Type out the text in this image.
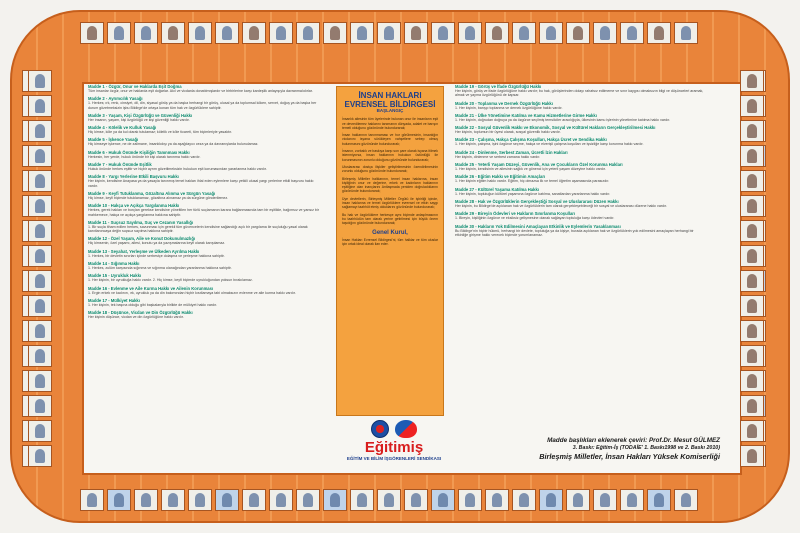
Madde 1 - Özgür, Onur ve Haklarda Eşit Doğma
Tüm insanlar özgür, onur ve haklarda eşit doğarlar. Akıl ve vicdanla donatılmışlardır ve birbirlerine karşı kardeşlik anlayışıyla davranmalıdırlar.
Madde 2 - Ayrımcılık Yasağı
1. Herkes; ırk, renk, cinsiyet, dil, din, siyasal görüş ya da başka herhangi bir görüş, ulusal ya da toplumsal köken, servet, doğuş ya da başka her durum gözetmeksizin işbu Bildirge'de ortaya konan tüm hak ve özgürlüklere sahiptir.
Madde 3 - Yaşam, Kişi Özgürlüğü ve Güvenliği Hakkı
Her insanın, yaşam, kişi özgürlüğü ve kişi güvenliği hakkı vardır.
Madde 4 - Kölelik ve Kulluk Yasağı
Hiç kimse, köle ya da kul olarak tutulamaz; kölelik ve köle ticareti, tüm biçimleriyle yasaktır.
Madde 5 - İşkence Yasağı
Hiç kimseye işkence, ne de zalimane, insanlıkdışı ya da aşağılayıcı ceza ya da davranışlarda bulunulamaz.
Madde 6 - Hukuk Önünde Kişiliğin Tanınması Hakkı
Herkesin, her yerde, hukuk önünde bir kişi olarak tanınma hakkı vardır.
Madde 7 - Hukuk Önünde Eşitlik
Hukuk önünde herkes eşittir ve hiçbir ayrım gözetilmeksizin hukukun eşit korumasından yararlanma hakkı vardır.
Madde 8 - Yargı Yerlerine Etkili Başvuru Hakkı
Her kişinin, kendisine Anayasa ya da yasayla tanınmış temel hakları ihlal eden eylemlere karşı yetkili ulusal yargı yerlerine etkili başvuru hakkı vardır.
Madde 9 - Keyfi Tutuklanma, Gözaltına Alınma ve Sürgün Yasağı
Hiç kimse, keyfi biçimde tutuklanamaz, gözaltına alınamaz ya da sürgüne gönderilemez.
Madde 10 - Hakça ve Açıkça Yargılanma Hakkı
Herkes, gerek hakları ve borçları gerekse kendisine yöneltilen her türlü suçlamanın karara bağlanmasında tam bir eşitlikle, bağımsız ve yansız bir mahkemece, hakça ve açıkça yargılanma hakkına sahiptir.
Madde 11 - Suçsuz Sayılma, Suç ve Cezanın Yasallığı
1. Bir suçla itham edilen herkes, savunması için gerekli tüm güvencelerin kendisine sağlandığı açık bir yargılama ile suçluluğu yasal olarak kanıtlanıncaya değin suçsuz sayılma hakkına sahiptir.
Madde 12 - Özel Yaşam, Aile ve Konut Dokunulmazlığı
Hiç kimsenin, özel yaşamı, ailesi, konutu ya da yazışmalarına keyfi olarak karışılamaz.
Madde 13 - Seyahat, Yerleşme ve Ülkeden Ayrılma Hakkı
1. Herkes, bir devletin sınırları içinde serbestçe dolaşma ve yerleşme hakkına sahiptir.
Madde 14 - Sığınma Hakkı
1. Herkes, zulüm karşısında sığınma ve sığınma olanağından yararlanma hakkına sahiptir.
Madde 15 - Uyrukluk Hakkı
1. Her kişinin, bir uyrukluğa hakkı vardır. 2. Hiç kimse, keyfi biçimde uyrukluğundan yoksun bırakılamaz.
Madde 16 - Evlenme ve Aile Kurma Hakkı ve Ailenin Korunması
1. Ergin erkek ve kadının, ırk, uyrukluk ya da din bakımından hiçbir kısıtlamaya tabi olmaksızın evlenme ve aile kurma hakkı vardır.
Madde 17 - Mülkiyet Hakkı
1. Her kişinin, tek başına olduğu gibi başkalarıyla birlikte de mülkiyet hakkı vardır.
Madde 18 - Düşünce, Vicdan ve Din Özgürlüğü Hakkı
Her kişinin düşünce, vicdan ve din özgürlüğüne hakkı vardır.
İNSAN HAKLARI EVRENSEL BİLDİRGESİ
BAŞLANGIÇ

İnsanlık ailesinin tüm üyelerinde bulunan onur ile insanların eşit ve devredilemez haklarını tanımanın dünyada, adalet ve barışın temeli olduğunu gözönünde bulundurarak;

İnsan haklarının tanınmaması ve hor görülmesinin, insanlığın vicdanını isyana sürükleyen vahşetlere sebep olmuş bulunmasını gözönünde bulundurarak;

İnsanın, zorbalık ve baskıya karşı son çare olarak isyana itilmek istenmiyorsa, insan haklarının hukukun üstünlüğü ile korunmasının zorunlu olduğunu gözönünde bulundurarak;

Uluslararası dostça ilişkiler geliştirilmesinin özendirilmesinin zorunlu olduğunu gözönünde bulundurarak;

Birleşmiş Milletler halklarının, temel insan haklarına, insan kişiliğinin onur ve değerine, erkek ve kadınların haklarının eşitliğine olan inançlarını Antlaşmada yeniden doğruladıklarını gözönünde bulundurarak;

Üye devletlerin, Birleşmiş Milletler Örgütü ile işbirliği içinde, insan haklarına ve temel özgürlüklere evrensel ve etkin saygı sağlamayı taahhüt etmiş olduklarını gözönünde bulundurarak;

Bu hak ve özgürlüklere herkesçe aynı biçimde anlaşılmasının bu taahhüdün tam olarak yerine getirilmesi için büyük önem taşıdığını gözönünde bulundurarak;

Genel Kurul,

İnsan Hakları Evrensel Bildirgesi'ni, tüm halklar ve tüm uluslar için ortak ideal olarak ilan eder.

Eğitimiş
EĞİTİM VE BİLİM İŞGÖRENLERİ SENDİKASI
Madde 19 - Görüş ve İfade Özgürlüğü Hakkı
Her kişinin, görüş ve ifade özgürlüğüne hakkı vardır; bu hak, görüşlerinden dolayı rahatsız edilmeme ve sınır kaygısı olmaksızın bilgi ve düşünceleri aramak, almak ve yayma özgürlüğünü de kapsar.
Madde 20 - Toplanma ve Dernek Özgürlüğü Hakkı
1. Her kişinin, barışçı toplanma ve dernek özgürlüğüne hakkı vardır.
Madde 21 - Ülke Yönetimine Katılma ve Kamu Hizmetlerine Girme Hakkı
1. Her kişinin, doğrudan doğruya ya da özgürce seçilmiş temsilciler aracılığıyla, ülkesinin kamu işlerinin yönetimine katılma hakkı vardır.
Madde 22 - Sosyal Güvenlik Hakkı ve Ekonomik, Sosyal ve Kültürel Hakların Gerçekleştirilmesi Hakkı
Her kişinin, toplumun bir üyesi olarak, sosyal güvenlik hakkı vardır.
Madde 23 - Çalışma, Hakça Çalışma Koşulları, Hakça Ücret ve Sendika Hakkı
1. Her kişinin, çalışma, işini özgürce seçme, hakça ve elverişli çalışma koşulları ve işsizliğe karşı korunma hakkı vardır.
Madde 24 - Dinlenme, Serbest Zaman, Ücretli İzin Hakları
Her kişinin, dinlenme ve serbest zamana hakkı vardır.
Madde 25 - Yeterli Yaşam Düzeyi, Güvenlik, Ana ve Çocukların Özel Korunma Hakları
1. Her kişinin, kendisinin ve ailesinin sağlık ve gönenci için yeterli yaşam düzeyine hakkı vardır.
Madde 26 - Eğitim Hakkı ve Eğitimin Amaçları
1. Her kişinin eğitim hakkı vardır. Eğitim, hiç olmazsa ilk ve temel öğretim aşamasında parasızdır.
Madde 27 - Kültürel Yaşama Katılma Hakkı
1. Her kişinin, topluluğun kültürel yaşamına özgürce katılma, sanatlardan yararlanma hakkı vardır.
Madde 28 - Hak ve Özgürlüklerin Gerçekleştiği Sosyal ve Uluslararası Düzen Hakkı
Her kişinin, bu Bildirge'de açıklanan hak ve özgürlüklerin tam olarak gerçekleşebileceği bir sosyal ve uluslararası düzene hakkı vardır.
Madde 29 - Bireyin Ödevleri ve Hakların Sınırlanma Koşulları
1. Bireyin, kişiliğinin özgürce ve eksiksiz gelişmesine olanak sağlayan topluluğa karşı ödevleri vardır.
Madde 30 - Hakların Yok Edilmesini Amaçlayan Etkinlik ve Eylemlerin Yasaklanması
Bu Bildirge'nin hiçbir hükmü, herhangi bir devlete, topluluğa ya da kişiye, burada açıklanan hak ve özgürlüklerin yok edilmesini amaçlayan herhangi bir etkinliğe girişme hakkı verecek biçimde yorumlanamaz.
Madde başlıkları eklenerek çeviri: Prof.Dr. Mesut GÜLMEZ
3. Baskı: Eğitim-İş (TODAİE' 1. Baskı1998 ve 2. Baskı 2010)
Birleşmiş Milletler, İnsan Hakları Yüksek Komiserliği
